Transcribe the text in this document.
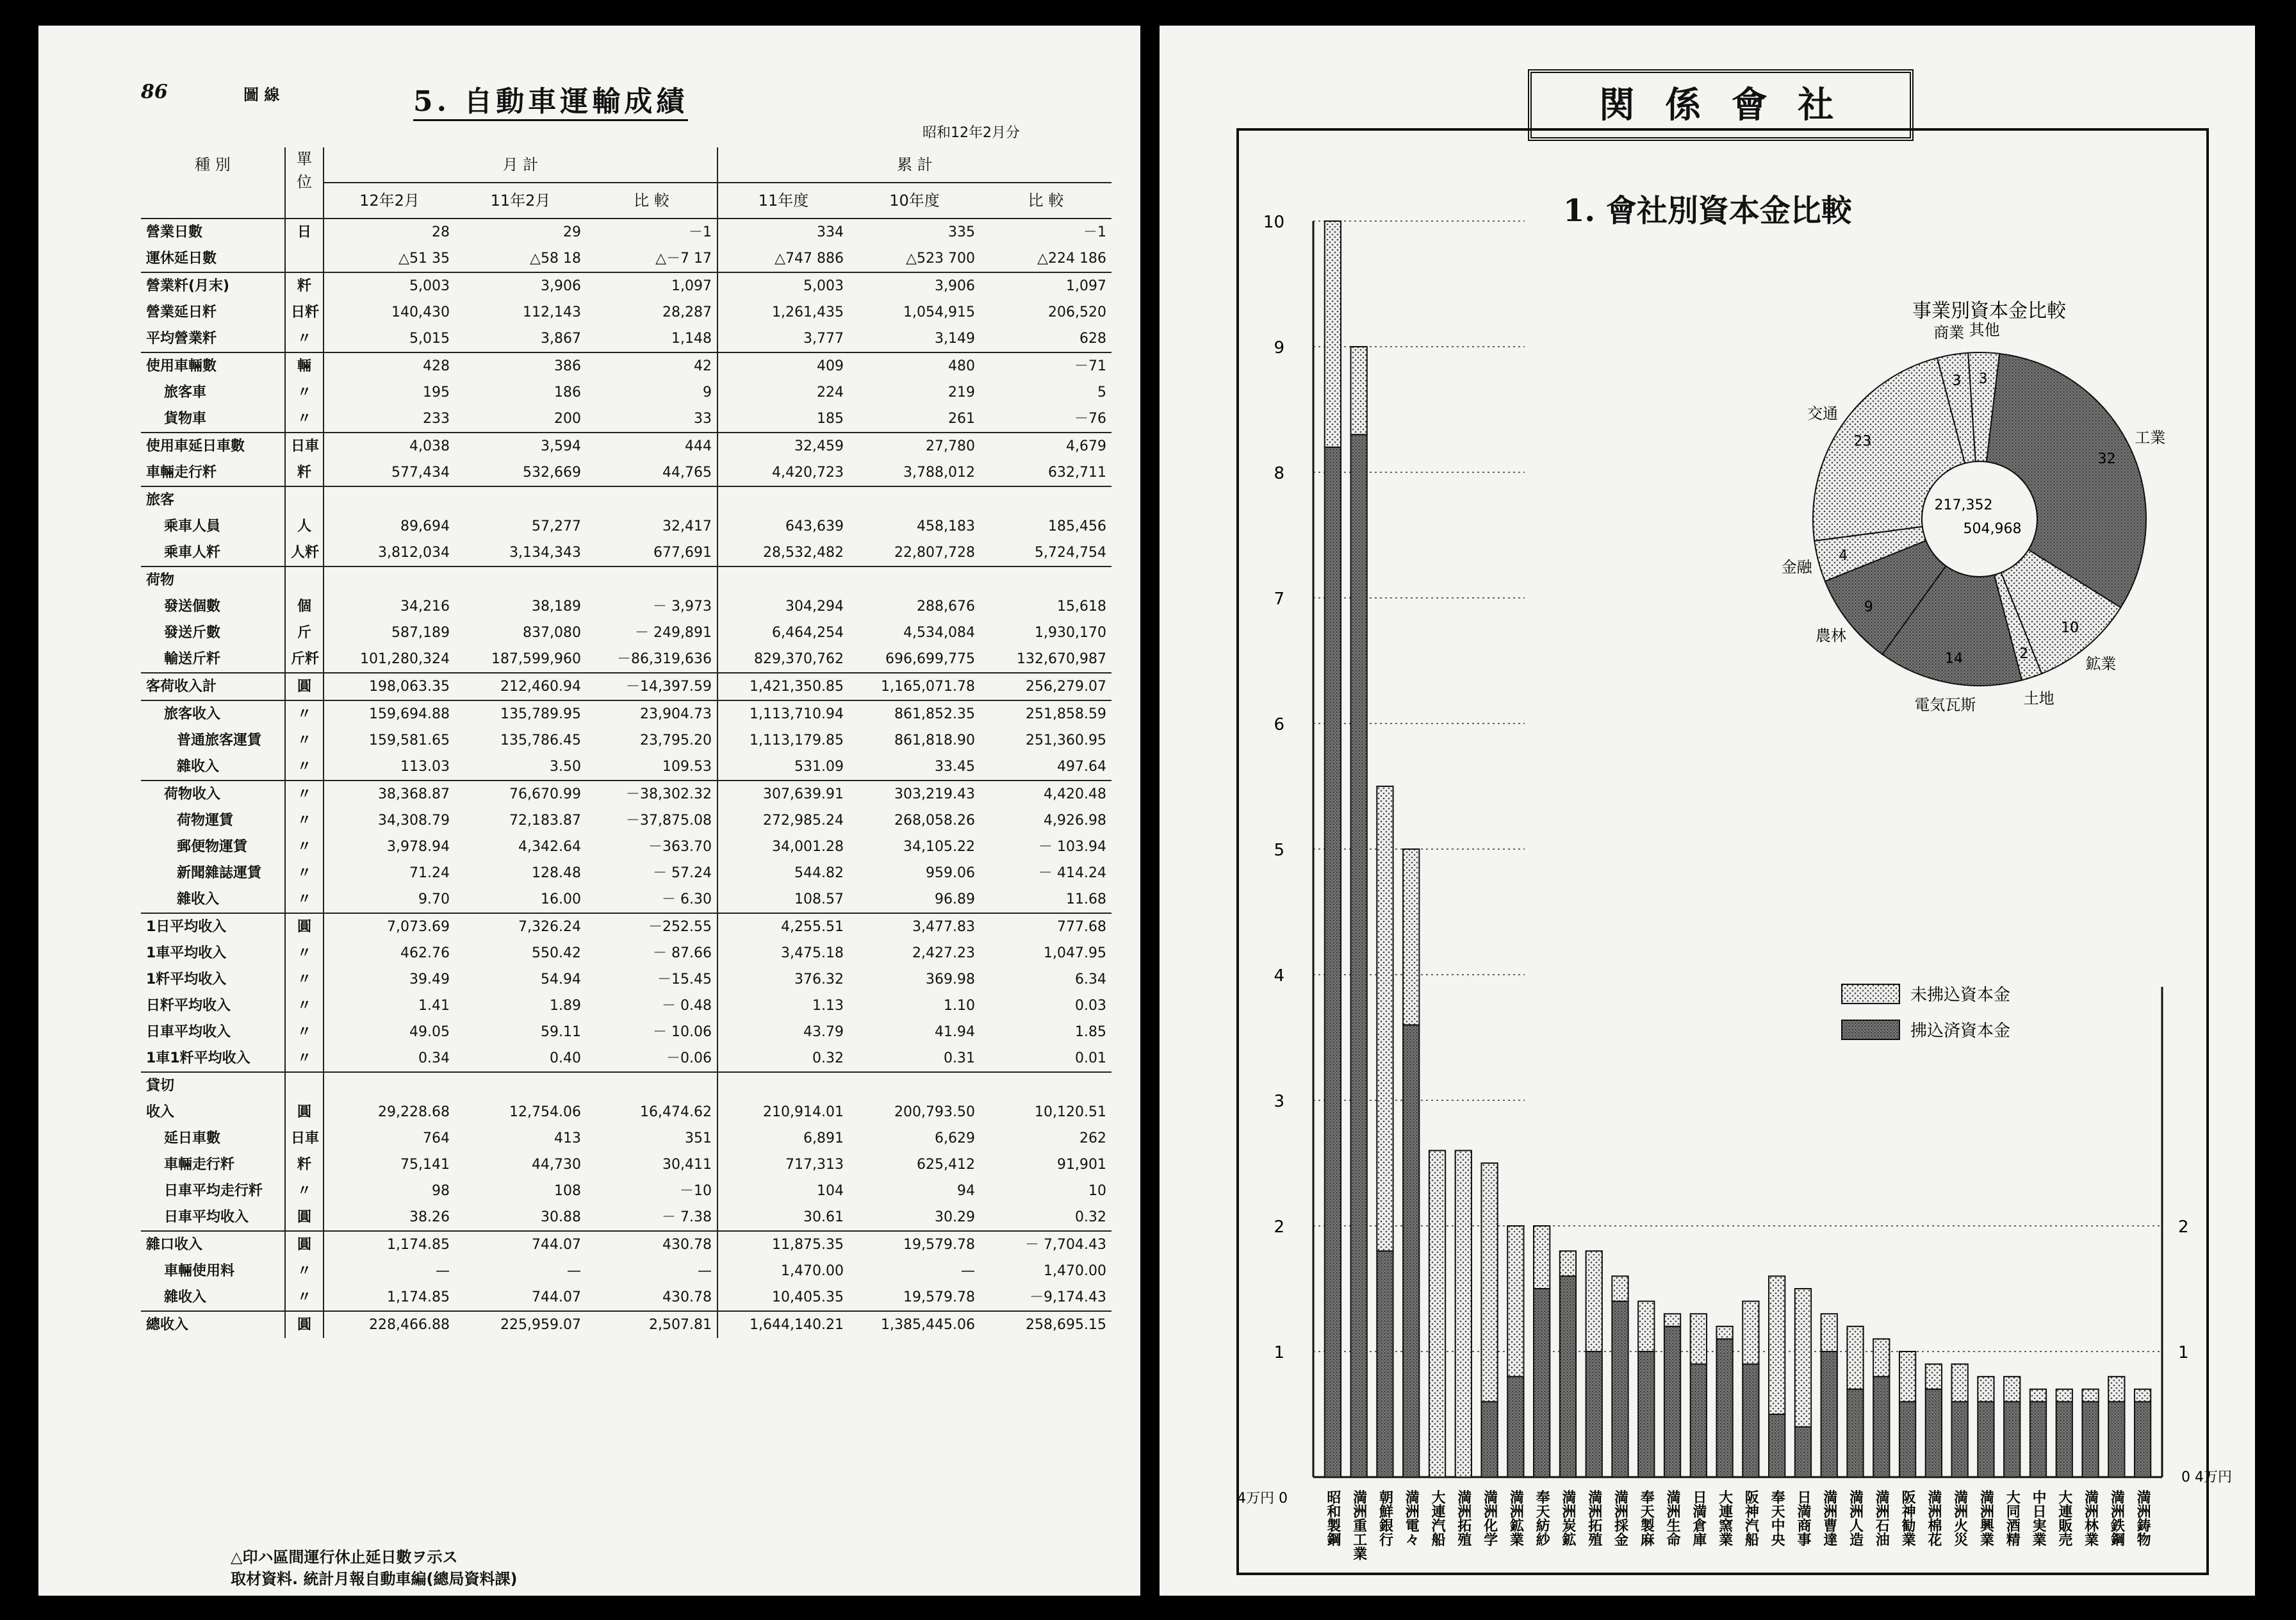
86	圖 線	5. 自動車運輸成績
昭和12年2月分
種 別	單位	月 計			累 計		
		12年2月	11年2月	比 較	11年度	10年度	比 較
營業日數	日	28	29	－1	334	335	－1
運休延日數		△51 35	△58 18	△－7 17	△747 886	△523 700	△224 186
營業粁(月末)	粁	5,003	3,906	1,097	5,003	3,906	1,097
營業延日粁	日粁	140,430	112,143	28,287	1,261,435	1,054,915	206,520
平均營業粁	〃	5,015	3,867	1,148	3,777	3,149	628
使用車輛數	輛	428	386	42	409	480	－71
旅客車	〃	195	186	9	224	219	5
貨物車	〃	233	200	33	185	261	－76
使用車延日車數	日車	4,038	3,594	444	32,459	27,780	4,679
車輛走行粁	粁	577,434	532,669	44,765	4,420,723	3,788,012	632,711
旅客							
乘車人員	人	89,694	57,277	32,417	643,639	458,183	185,456
乘車人粁	人粁	3,812,034	3,134,343	677,691	28,532,482	22,807,728	5,724,754
荷物							
發送個數	個	34,216	38,189	－ 3,973	304,294	288,676	15,618
發送斤數	斤	587,189	837,080	－ 249,891	6,464,254	4,534,084	1,930,170
輸送斤粁	斤粁	101,280,324	187,599,960	－86,319,636	829,370,762	696,699,775	132,670,987
客荷收入計	圓	198,063.35	212,460.94	－14,397.59	1,421,350.85	1,165,071.78	256,279.07
旅客收入	〃	159,694.88	135,789.95	23,904.73	1,113,710.94	861,852.35	251,858.59
普通旅客運賃	〃	159,581.65	135,786.45	23,795.20	1,113,179.85	861,818.90	251,360.95
雜收入	〃	113.03	3.50	109.53	531.09	33.45	497.64
荷物收入	〃	38,368.87	76,670.99	－38,302.32	307,639.91	303,219.43	4,420.48
荷物運賃	〃	34,308.79	72,183.87	－37,875.08	272,985.24	268,058.26	4,926.98
郵便物運賃	〃	3,978.94	4,342.64	－363.70	34,001.28	34,105.22	－ 103.94
新聞雜誌運賃	〃	71.24	128.48	－ 57.24	544.82	959.06	－ 414.24
雜收入	〃	9.70	16.00	－ 6.30	108.57	96.89	11.68
1日平均收入	圓	7,073.69	7,326.24	－252.55	4,255.51	3,477.83	777.68
1車平均收入	〃	462.76	550.42	－ 87.66	3,475.18	2,427.23	1,047.95
1粁平均收入	〃	39.49	54.94	－15.45	376.32	369.98	6.34
日粁平均收入	〃	1.41	1.89	－ 0.48	1.13	1.10	0.03
日車平均收入	〃	49.05	59.11	－ 10.06	43.79	41.94	1.85
1車1粁平均收入	〃	0.34	0.40	－0.06	0.32	0.31	0.01
貸切							
收入	圓	29,228.68	12,754.06	16,474.62	210,914.01	200,793.50	10,120.51
延日車數	日車	764	413	351	6,891	6,629	262
車輛走行粁	粁	75,141	44,730	30,411	717,313	625,412	91,901
日車平均走行粁	〃	98	108	－10	104	94	10
日車平均收入	圓	38.26	30.88	－ 7.38	30.61	30.29	0.32
雜口收入	圓	1,174.85	744.07	430.78	11,875.35	19,579.78	－ 7,704.43
車輛使用料	〃	—	—	—	1,470.00	—	1,470.00
雜收入	〃	1,174.85	744.07	430.78	10,405.35	19,579.78	－9,174.43
總收入	圓	228,466.88	225,959.07	2,507.81	1,644,140.21	1,385,445.06	258,695.15
△印ハ區間運行休止延日數ヲ示ス
取材資料. 統計月報自動車編(總局資料課)
関 係 會 社
1. 會社別資本金比較
10
9
8
7
6
5
4
3
2
1
2
1
昭和製鋼 満洲重工業 朝鮮銀行 満洲電々 大連汽船 満洲拓殖 満洲化学 満洲鉱業 奉天紡紗 満洲炭鉱 満洲拓殖 満洲採金 奉天製麻 満洲生命 日満倉庫 大連窯業 阪神汽船 奉天中央 日満商事 満洲曹達 満洲人造 満洲石油 阪神勧業 満洲棉花 満洲火災 満洲興業 大同酒精 中日実業 大連販売 満洲林業 満洲鉄鋼 満洲鋳物
工業
32
鉱業
10
土地
2
電気瓦斯
14
農林
9
金融
4
交通
23
商業
3
其他
3
217,352
504,968
未拂込資本金
拂込済資本金
4万円 0
0 4万円
事業別資本金比較
